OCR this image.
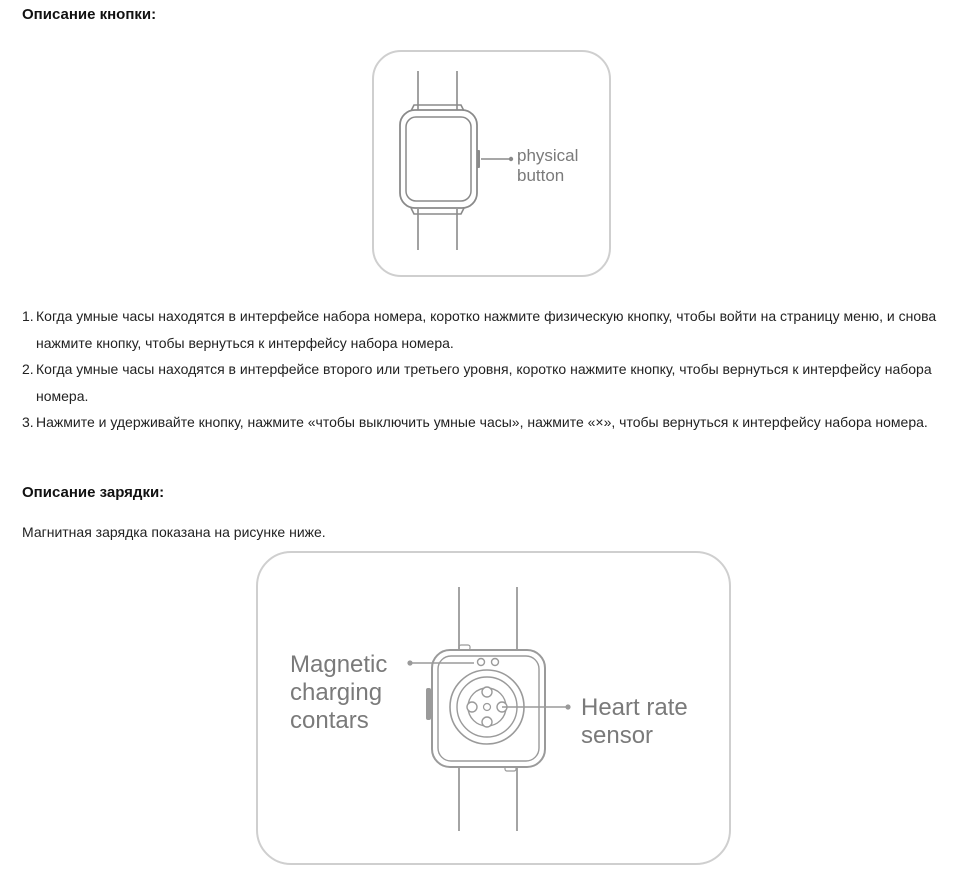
Описание кнопки:
physical
button
1. Когда умные часы находятся в интерфейсе набора номера, коротко нажмите физическую кнопку, чтобы войти на страницу меню, и снова нажмите кнопку, чтобы вернуться к интерфейсу набора номера.
2. Когда умные часы находятся в интерфейсе второго или третьего уровня, коротко нажмите кнопку, чтобы вернуться к интерфейсу набора номера.
3. Нажмите и удерживайте кнопку, нажмите «чтобы выключить умные часы», нажмите «×», чтобы вернуться к интерфейсу набора номера.
Описание зарядки:

Магнитная зарядка показана на рисунке ниже.

Magnetic
charging
contars	Heart rate
sensor
